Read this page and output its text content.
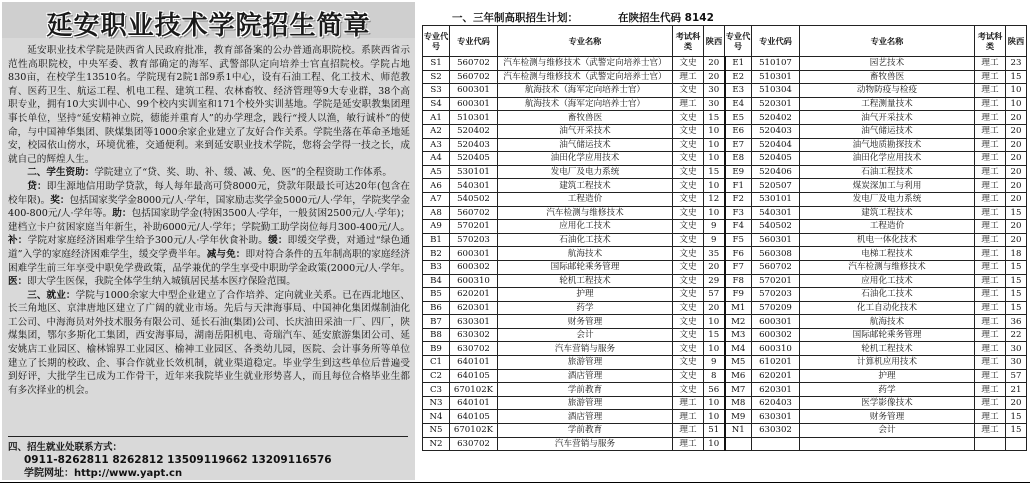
延安职业技术学院招生简章

延安职业技术学院是陕西省人民政府批准，教育部备案的公办普通高职院校。系陕西省示范性高职院校，中央军委、教育部确定的海军、武警部队定向培养士官直招院校。学院占地830亩，在校学生13510名。学院现有2院1部9系1中心，设有石油工程、化工技术、师范教育、医药卫生、航运工程、机电工程、建筑工程、农林畜牧、经济管理等9大专业群，38个高职专业，拥有10大实训中心、99个校内实训室和171个校外实训基地。学院是延安职教集团理事长单位，坚持“延安精神立院，德能并重育人”的办学理念，践行“授人以渔，敏行诚朴”的使命，与中国神华集团、陕煤集团等1000余家企业建立了友好合作关系。学院坐落在革命圣地延安，校园依山傍水，环境优雅，交通便利。来到延安职业技术学院，您将会学得一技之长，成就自己的辉煌人生。

二、学生资助：学院建立了“贷、奖、助、补、缓、减、免、医”的全程资助工作体系。

贷：即生源地信用助学贷款，每人每年最高可贷8000元，贷款年限最长可达20年(包含在校年限)。奖：包括国家奖学金8000元/人·学年，国家励志奖学金5000元/人·学年，学院奖学金400-800元/人·学年等。助：包括国家助学金(特困3500人·学年，一般贫困2500元/人·学年)；建档立卡户贫困家庭当年新生，补助6000元/人·学年；学院勤工助学岗位每月300-400元/人。补：学院对家庭经济困难学生给予300元/人·学年伙食补助。缓：即缓交学费，对通过“绿色通道”入学的家庭经济困难学生，缓交学费半年。减与免：即对符合条件的五年制高职的家庭经济困难学生前三年享受中职免学费政策，品学兼优的学生享受中职助学金政策(2000元/人·学年。医：即大学生医保，我院全体学生纳入城镇居民基本医疗保险范围。

三、就业：学院与1000余家大中型企业建立了合作培养、定向就业关系。已在西北地区、长三角地区、京津唐地区建立了广阔的就业市场。先后与天津海事局、中国神化集团煤制油化工公司、中海海员对外技术服务有限公司、延长石油(集团)公司、长庆油田采油一厂、四厂，陕煤集团，鄂尔多斯化工集团，西安海事局，湖南岳阳机电、奇瑞汽车、延安旅游集团公司、延安姚店工业园区、榆林锦界工业园区、榆神工业园区、各类幼儿园，医院、会计事务所等单位建立了长期的校政、企、事合作就业长效机制，就业渠道稳定。毕业学生到这些单位后普遍受到好评，大批学生已成为工作骨干，近年来我院毕业生就业形势喜人，而且每位合格毕业生都有多次择业的机会。

四、招生就业处联系方式：
0911-8262811 8262812 13509119662 13209116576
学院网址：http://www.yapt.cn
一、三年制高职招生计划：	在陕招生代码 8142
专业代号	专业代码	专业名称	考试科类	陕西	专业代号	专业代码	专业名称	考试科类	陕西
S1	560702	汽车检测与维修技术（武警定向培养士官）	文史	20	E1	510107	园艺技术	理工	23
S2	560702	汽车检测与维修技术（武警定向培养士官）	理工	20	E2	510301	畜牧兽医	理工	15
S3	600301	航海技术（海军定向培养士官）	文史	30	E3	510304	动物防疫与检疫	理工	10
S4	600301	航海技术（海军定向培养士官）	理工	30	E4	520301	工程测量技术	理工	10
A1	510301	畜牧兽医	文史	15	E5	520402	油气开采技术	理工	20
A2	520402	油气开采技术	文史	10	E6	520403	油气储运技术	理工	20
A3	520403	油气储运技术	文史	10	E7	520404	油气地质勘探技术	理工	20
A4	520405	油田化学应用技术	文史	10	E8	520405	油田化学应用技术	理工	20
A5	530101	发电厂及电力系统	文史	15	E9	520406	石油工程技术	理工	20
A6	540301	建筑工程技术	文史	10	F1	520507	煤炭深加工与利用	理工	20
A7	540502	工程造价	文史	12	F2	530101	发电厂及电力系统	理工	20
A8	560702	汽车检测与维修技术	文史	10	F3	540301	建筑工程技术	理工	15
A9	570201	应用化工技术	文史	9	F4	540502	工程造价	理工	20
B1	570203	石油化工技术	文史	9	F5	560301	机电一体化技术	理工	20
B2	600301	航海技术	文史	35	F6	560308	电梯工程技术	理工	18
B3	600302	国际邮轮乘务管理	文史	20	F7	560702	汽车检测与维修技术	理工	15
B4	600310	轮机工程技术	文史	29	F8	570201	应用化工技术	理工	15
B5	620201	护理	文史	57	F9	570203	石油化工技术	理工	15
B6	620301	药学	文史	20	M1	570209	化工自动化技术	理工	15
B7	630301	财务管理	文史	10	M2	600301	航海技术	理工	36
B8	630302	会计	文史	15	M3	600302	国际邮轮乘务管理	理工	22
B9	630702	汽车营销与服务	文史	10	M4	600310	轮机工程技术	理工	30
C1	640101	旅游管理	文史	9	M5	610201	计算机应用技术	理工	30
C2	640105	酒店管理	文史	8	M6	620201	护理	理工	57
C3	670102K	学前教育	文史	56	M7	620301	药学	理工	21
N3	640101	旅游管理	理工	10	M8	620403	医学影像技术	理工	20
N4	640105	酒店管理	理工	10	M9	630301	财务管理	理工	15
N5	670102K	学前教育	理工	51	N1	630302	会计	理工	15
N2	630702	汽车营销与服务	理工	10					
